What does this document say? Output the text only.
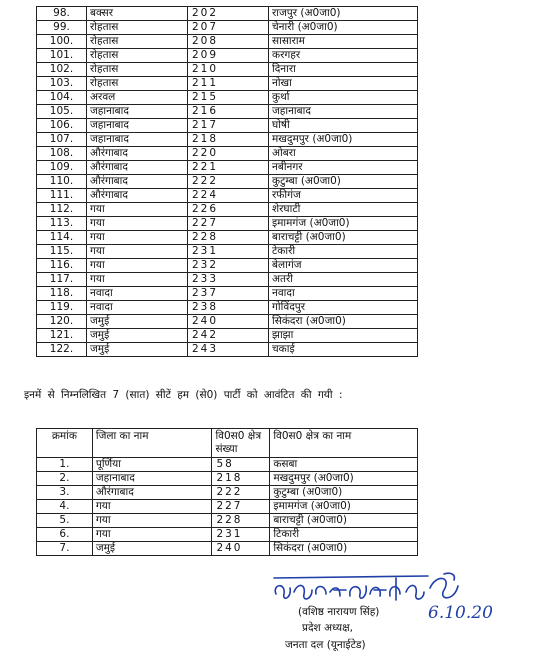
98.	बक्सर	202	राजपुर (अ0जा0)
99.	रोहतास	207	चेनारी (अ0जा0)
100.	रोहतास	208	सासाराम
101.	रोहतास	209	करगहर
102.	रोहतास	210	दिनारा
103.	रोहतास	211	नोखा
104.	अरवल	215	कुर्था
105.	जहानाबाद	216	जहानाबाद
106.	जहानाबाद	217	घोषी
107.	जहानाबाद	218	मखदुमपुर (अ0जा0)
108.	औरंगाबाद	220	ओबरा
109.	औरंगाबाद	221	नबीनगर
110.	औरंगाबाद	222	कुटुम्बा (अ0जा0)
111.	औरंगाबाद	224	रफीगंज
112.	गया	226	शेरघाटी
113.	गया	227	इमामगंज (अ0जा0)
114.	गया	228	बाराचट्टी (अ0जा0)
115.	गया	231	टेकारी
116.	गया	232	बेलागंज
117.	गया	233	अतरी
118.	नवादा	237	नवादा
119.	नवादा	238	गोविंदपुर
120.	जमुई	240	सिकंदरा (अ0जा0)
121.	जमुई	242	झाझा
122.	जमुई	243	चकाई
इनमें से निम्नलिखित 7 (सात) सीटें हम (से0) पार्टी को आवंटित की गयी :
क्रमांक	जिला का नाम	वि0स0 क्षेत्र संख्या	वि0स0 क्षेत्र का नाम
1.	पूर्णिया	58	कसबा
2.	जहानाबाद	218	मखदुमपुर (अ0जा0)
3.	औरंगाबाद	222	कुटुम्बा (अ0जा0)
4.	गया	227	इमामगंज (अ0जा0)
5.	गया	228	बाराचट्टी (अ0जा0)
6.	गया	231	टिकारी
7.	जमुई	240	सिकंदरा (अ0जा0)
6.10.20
(वशिष्ठ नारायण सिंह)
प्रदेश अध्यक्ष,
जनता दल (यूनाईटेड)
